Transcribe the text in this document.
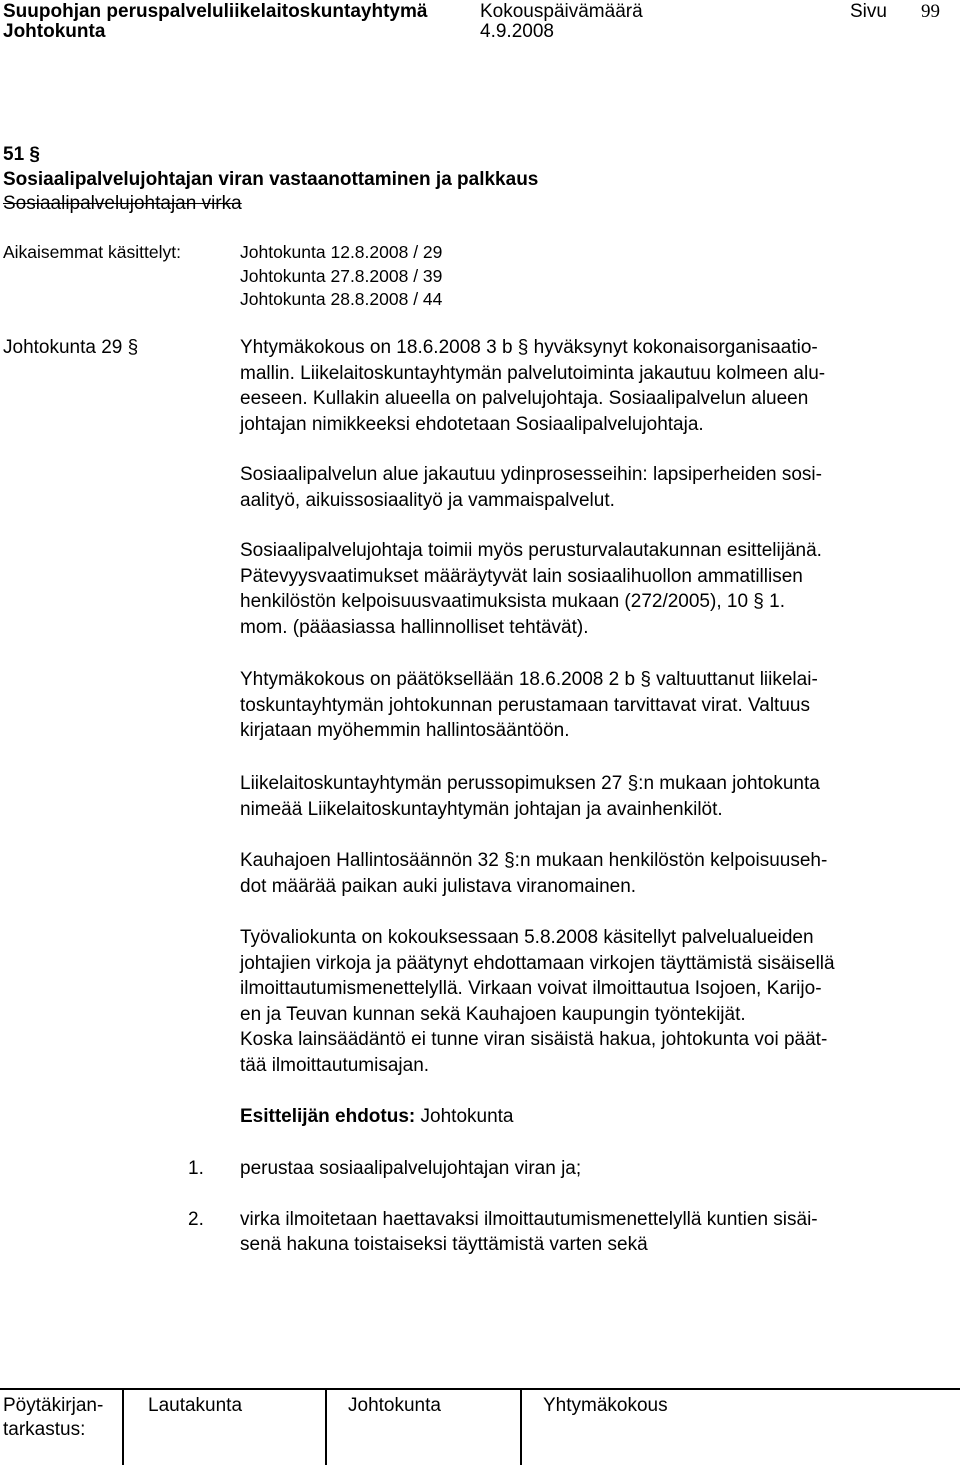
Suupohjan peruspalveluliikelaitoskuntayhtymä	Kokouspäivämäärä	Sivu 99
Johtokunta	4.9.2008
51 §
Sosiaalipalvelujohtajan viran vastaanottaminen ja palkkaus
Sosiaalipalvelujohtajan virka
Aikaisemmat käsittelyt:	Johtokunta 12.8.2008 / 29
Johtokunta 27.8.2008 / 39
Johtokunta 28.8.2008 / 44
Johtokunta 29 §	Yhtymäkokous on 18.6.2008 3 b § hyväksynyt kokonaisorganisaatio-
mallin. Liikelaitoskuntayhtymän palvelutoiminta jakautuu kolmeen alu-
eeseen. Kullakin alueella on palvelujohtaja. Sosiaalipalvelun alueen
johtajan nimikkeeksi ehdotetaan Sosiaalipalvelujohtaja.
Sosiaalipalvelun alue jakautuu ydinprosesseihin: lapsiperheiden sosi-
aalityö, aikuissosiaalityö ja vammaispalvelut.
Sosiaalipalvelujohtaja toimii myös perusturvalautakunnan esittelijänä.
Pätevyysvaatimukset määräytyvät lain sosiaalihuollon ammatillisen
henkilöstön kelpoisuusvaatimuksista mukaan (272/2005), 10 § 1.
mom. (pääasiassa hallinnolliset tehtävät).
Yhtymäkokous on päätöksellään 18.6.2008 2 b § valtuuttanut liikelai-
toskuntayhtymän johtokunnan perustamaan tarvittavat virat. Valtuus
kirjataan myöhemmin hallintosääntöön.
Liikelaitoskuntayhtymän perussopimuksen 27 §:n mukaan johtokunta
nimeää Liikelaitoskuntayhtymän johtajan ja avainhenkilöt.
Kauhajoen Hallintosäännön 32 §:n mukaan henkilöstön kelpoisuuseh-
dot määrää paikan auki julistava viranomainen.
Työvaliokunta on kokouksessaan 5.8.2008 käsitellyt palvelualueiden
johtajien virkoja ja päätynyt ehdottamaan virkojen täyttämistä sisäisellä
ilmoittautumismenettelyllä. Virkaan voivat ilmoittautua Isojoen, Karijo-
en ja Teuvan kunnan sekä Kauhajoen kaupungin työntekijät.
Koska lainsäädäntö ei tunne viran sisäistä hakua, johtokunta voi päät-
tää ilmoittautumisajan.
Esittelijän ehdotus: Johtokunta
1. perustaa sosiaalipalvelujohtajan viran ja;
2. virka ilmoitetaan haettavaksi ilmoittautumismenettelyllä kuntien sisäi-
senä hakuna toistaiseksi täyttämistä varten sekä
Pöytäkirjan-
tarkastus:
Lautakunta	Johtokunta	Yhtymäkokous
